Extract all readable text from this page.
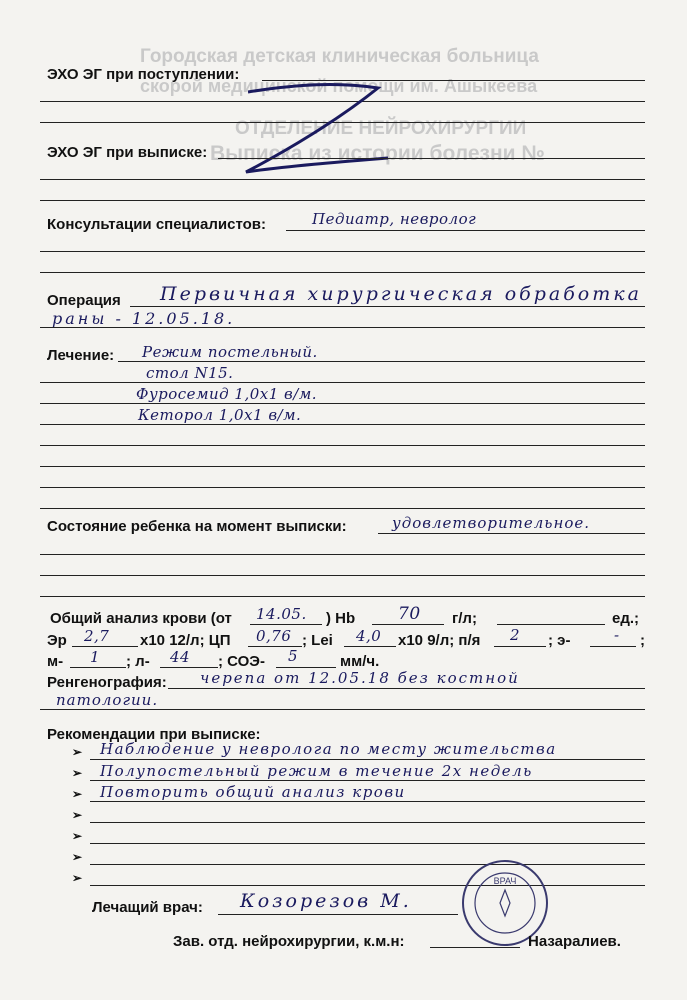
Городская детская клиническая больница
скорой медицинской помощи им. Ашыкеева
ОТДЕЛЕНИЕ НЕЙРОХИРУРГИИ
Выписка из истории болезни №
ЭХО ЭГ при поступлении:
ЭХО ЭГ при выписке:
Консультации специалистов:	Педиатр, невролог
Операция Первичная хирургическая обработка
раны - 12.05.18.
Лечение: Режим постельный.
стол N15.
Фуросемид 1,0х1 в/м.
Кеторол 1,0х1 в/м.
Состояние ребенка на момент выписки:	удовлетворительное.
Общий анализ крови (от 14.05. ) Hb	70 г/л;	ед.;
Эр 2,7 х10 12/л; ЦП 0,76 ; Lei 4,0 х10 9/л; п/я 2 ; э-	- ;
м- 1 ; л- 44 ; СОЭ- 5	мм/ч.
Ренгенография: черепа от 12.05.18 без костной
патологии.
Рекомендации при выписке:
➢ Наблюдение у невролога по месту жительства
➢ Полупостельный режим в течение 2х недель
➢ Повторить общий анализ крови
➢
➢
➢
➢
Лечащий врач: Козорезов М.
ВРАЧ
Зав. отд. нейрохирургии, к.м.н:	Назаралиев.
